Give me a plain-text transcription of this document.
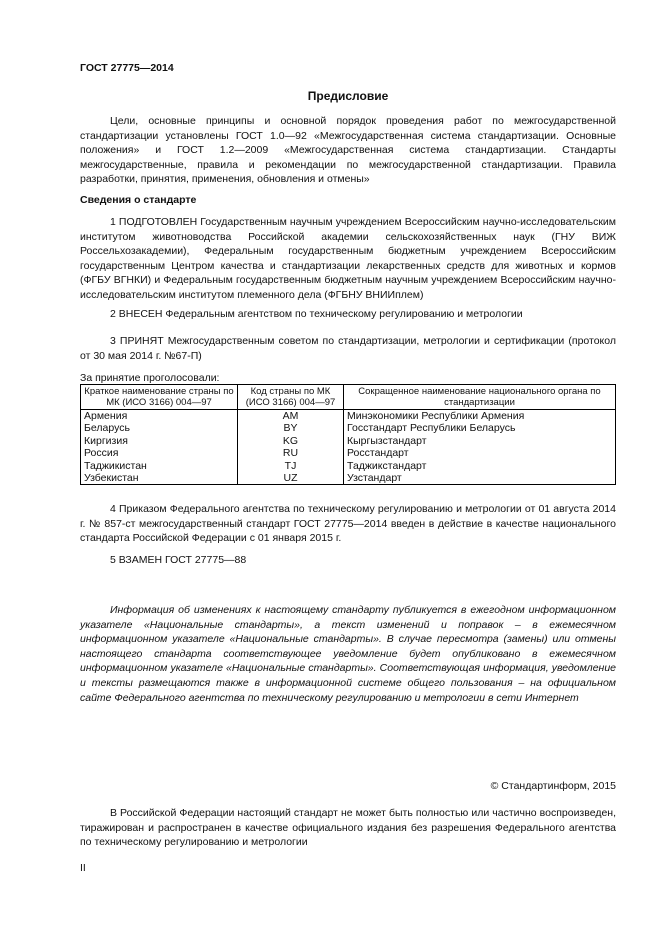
ГОСТ 27775—2014
Предисловие
Цели, основные принципы и основной порядок проведения работ по межгосударственной стандартизации установлены ГОСТ 1.0—92 «Межгосударственная система стандартизации. Основные положения» и ГОСТ 1.2—2009 «Межгосударственная система стандартизации. Стандарты межгосударственные, правила и рекомендации по межгосударственной стандартизации. Правила разработки, принятия, применения, обновления и отмены»
Сведения о стандарте
1 ПОДГОТОВЛЕН Государственным научным учреждением Всероссийским научно-исследовательским институтом животноводства Российской академии сельскохозяйственных наук (ГНУ ВИЖ Россельхозакадемии), Федеральным государственным бюджетным учреждением Всероссийским государственным Центром качества и стандартизации лекарственных средств для животных и кормов (ФГБУ ВГНКИ) и Федеральным государственным бюджетным научным учреждением Всероссийским научно-исследовательским институтом племенного дела (ФГБНУ ВНИИплем)
2 ВНЕСЕН Федеральным агентством по техническому регулированию и метрологии
3 ПРИНЯТ Межгосударственным советом по стандартизации, метрологии и сертификации (протокол от 30 мая 2014 г. №67-П)
За принятие проголосовали:
Краткое наименование страны по МК (ИСО 3166) 004—97	Код страны по МК (ИСО 3166) 004—97	Сокращенное наименование национального органа по стандартизации
Армения	AM	Минэкономики Республики Армения
Беларусь	BY	Госстандарт Республики Беларусь
Киргизия	KG	Кыргызстандарт
Россия	RU	Росстандарт
Таджикистан	TJ	Таджикстандарт
Узбекистан	UZ	Узстандарт
4 Приказом Федерального агентства по техническому регулированию и метрологии от 01 августа 2014 г. № 857-ст межгосударственный стандарт ГОСТ 27775—2014 введен в действие в качестве национального стандарта Российской Федерации с 01 января 2015 г.
5 ВЗАМЕН ГОСТ 27775—88
Информация об изменениях к настоящему стандарту публикуется в ежегодном информационном указателе «Национальные стандарты», а текст изменений и поправок – в ежемесячном информационном указателе «Национальные стандарты». В случае пересмотра (замены) или отмены настоящего стандарта соответствующее уведомление будет опубликовано в ежемесячном информационном указателе «Национальные стандарты». Соответствующая информация, уведомление и тексты размещаются также в информационной системе общего пользования – на официальном сайте Федерального агентства по техническому регулированию и метрологии в сети Интернет
© Стандартинформ, 2015
В Российской Федерации настоящий стандарт не может быть полностью или частично воспроизведен, тиражирован и распространен в качестве официального издания без разрешения Федерального агентства по техническому регулированию и метрологии
II
